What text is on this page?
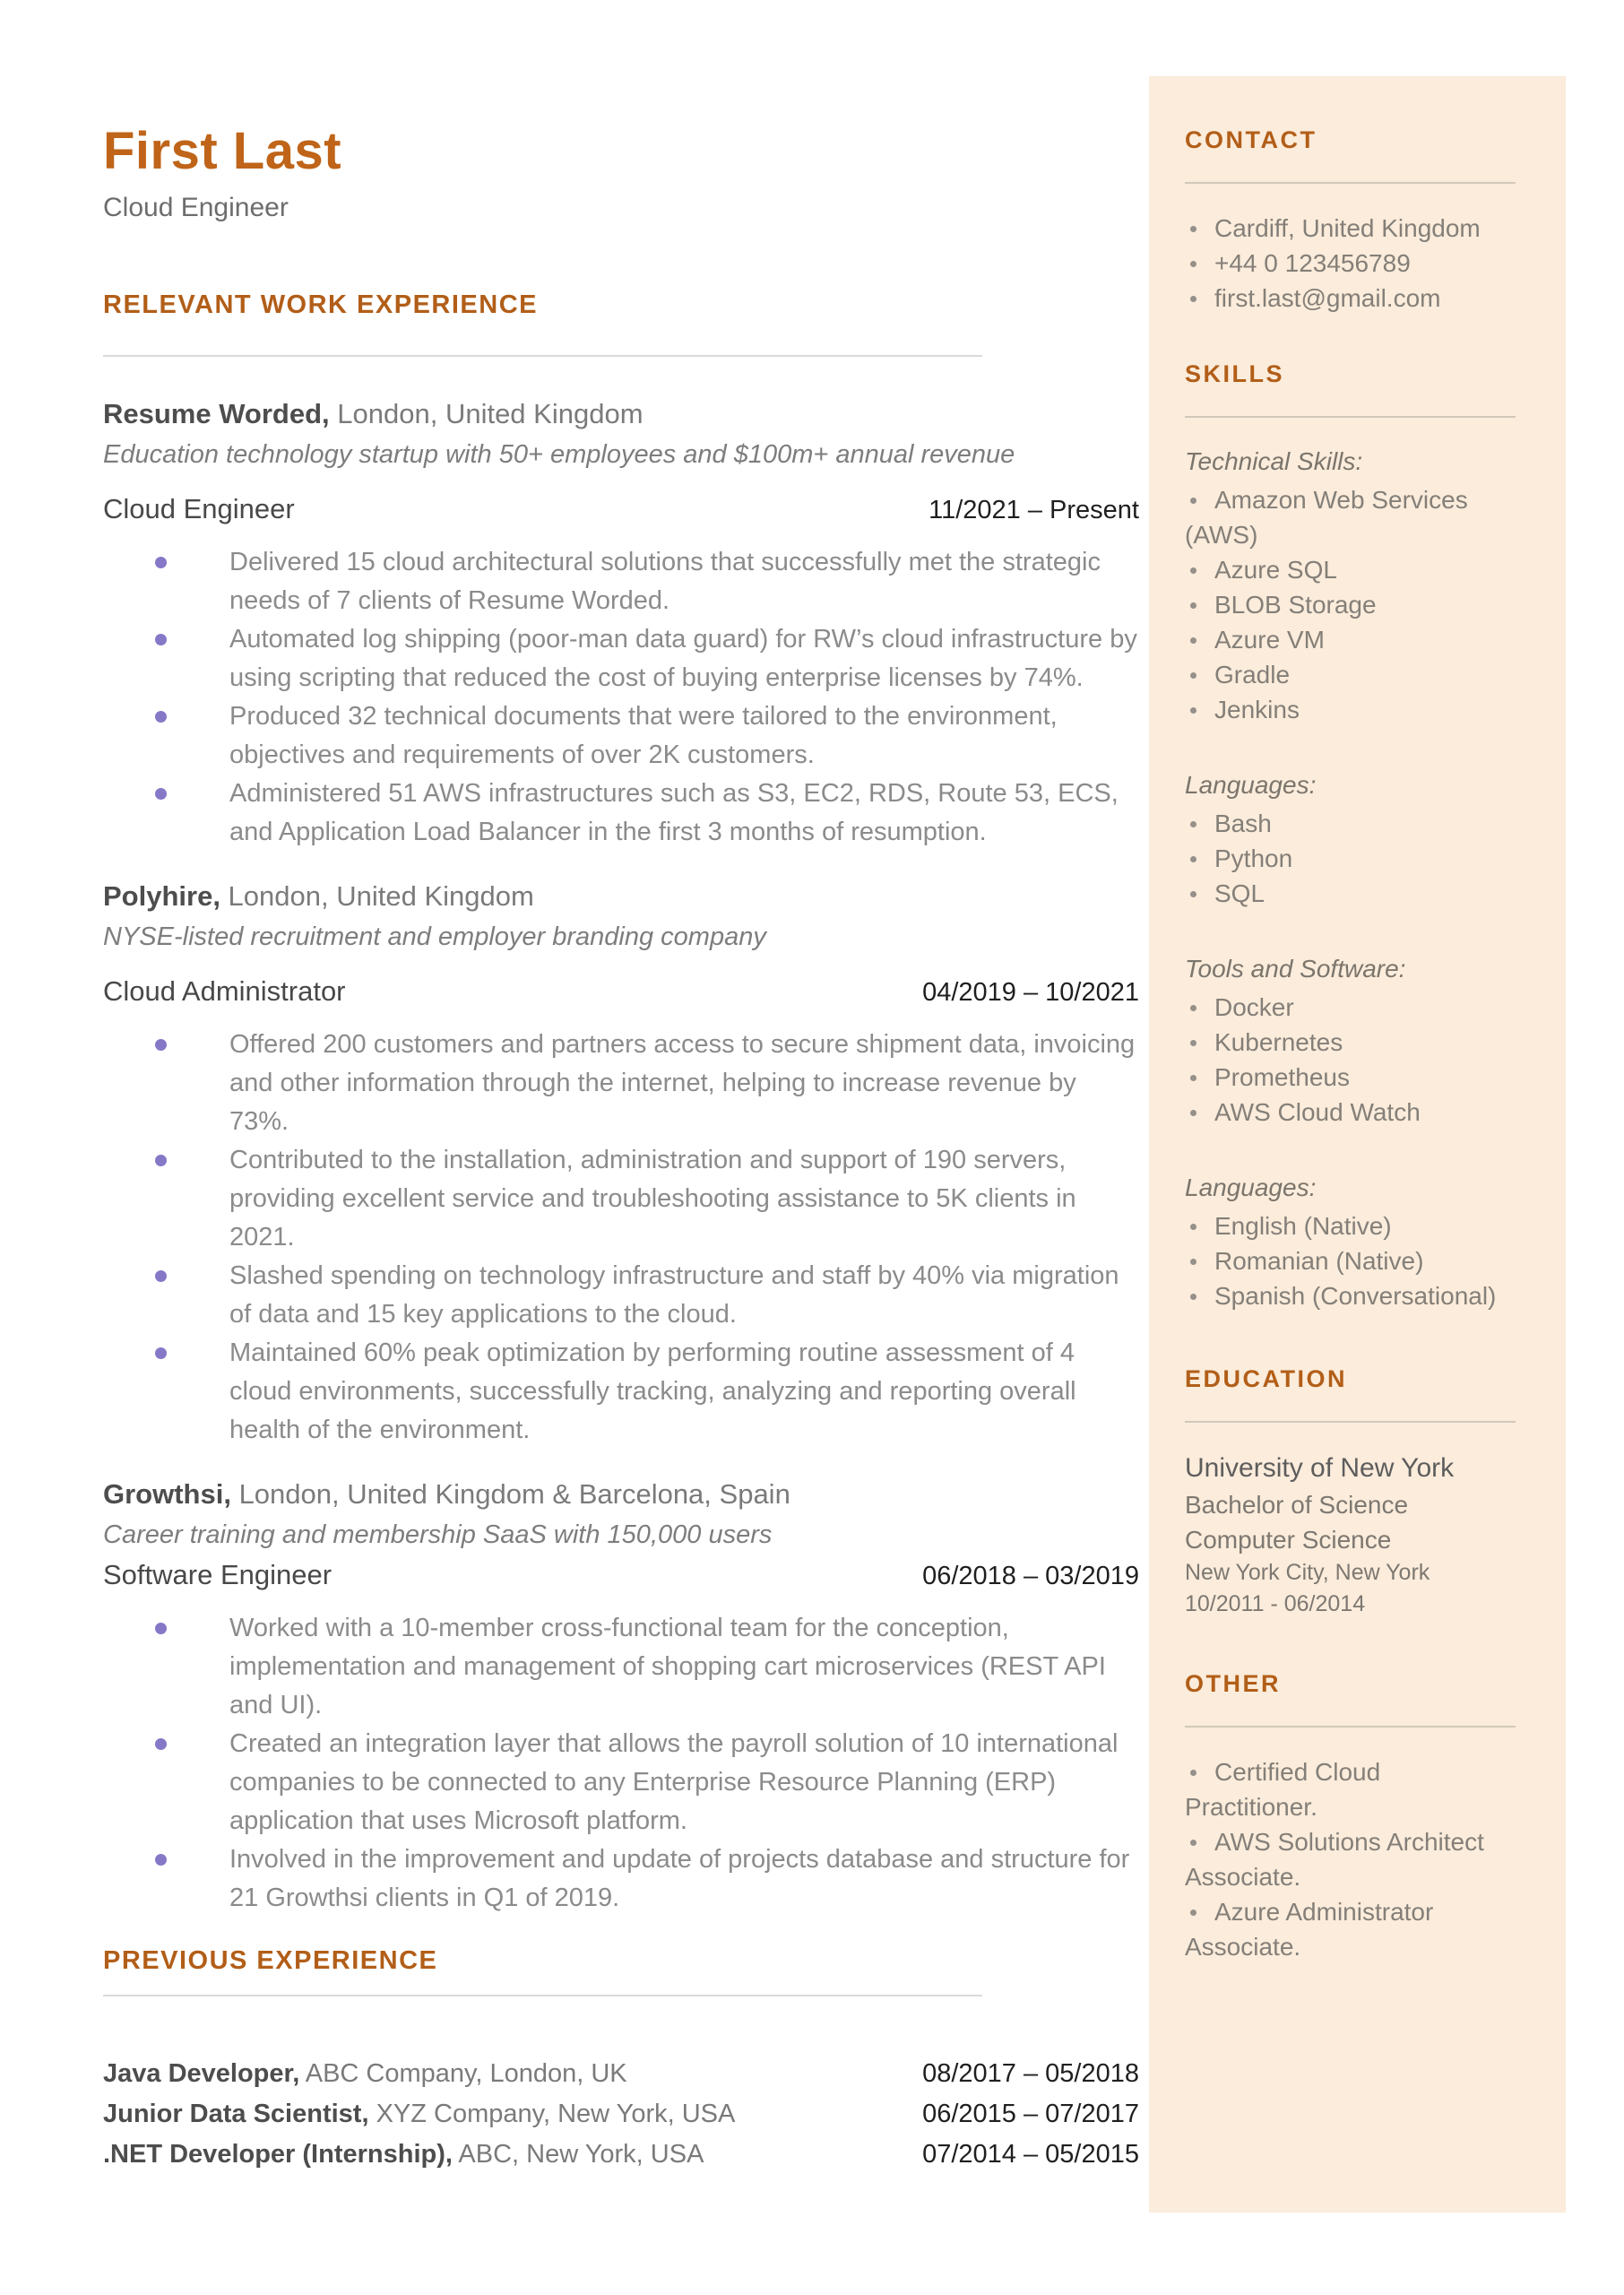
First Last
Cloud Engineer
RELEVANT WORK EXPERIENCE
Resume Worded, London, United Kingdom
Education technology startup with 50+ employees and $100m+ annual revenue
Cloud Engineer	11/2021 – Present
Delivered 15 cloud architectural solutions that successfully met the strategic needs of 7 clients of Resume Worded.
Automated log shipping (poor-man data guard) for RW’s cloud infrastructure by using scripting that reduced the cost of buying enterprise licenses by 74%.
Produced 32 technical documents that were tailored to the environment, objectives and requirements of over 2K customers.
Administered 51 AWS infrastructures such as S3, EC2, RDS, Route 53, ECS, and Application Load Balancer in the first 3 months of resumption.
Polyhire, London, United Kingdom
NYSE-listed recruitment and employer branding company
Cloud Administrator	04/2019 – 10/2021
Offered 200 customers and partners access to secure shipment data, invoicing and other information through the internet, helping to increase revenue by 73%.
Contributed to the installation, administration and support of 190 servers, providing excellent service and troubleshooting assistance to 5K clients in 2021.
Slashed spending on technology infrastructure and staff by 40% via migration of data and 15 key applications to the cloud.
Maintained 60% peak optimization by performing routine assessment of 4 cloud environments, successfully tracking, analyzing and reporting overall health of the environment.
Growthsi, London, United Kingdom & Barcelona, Spain
Career training and membership SaaS with 150,000 users
Software Engineer	06/2018 – 03/2019
Worked with a 10-member cross-functional team for the conception, implementation and management of shopping cart microservices (REST API and UI).
Created an integration layer that allows the payroll solution of 10 international companies to be connected to any Enterprise Resource Planning (ERP) application that uses Microsoft platform.
Involved in the improvement and update of projects database and structure for 21 Growthsi clients in Q1 of 2019.
PREVIOUS EXPERIENCE
Java Developer, ABC Company, London, UK	08/2017 – 05/2018
Junior Data Scientist, XYZ Company, New York, USA	06/2015 – 07/2017
.NET Developer (Internship), ABC, New York, USA	07/2014 – 05/2015
CONTACT
Cardiff, United Kingdom
+44 0 123456789
first.last@gmail.com
SKILLS
Technical Skills:
Amazon Web Services (AWS)
Azure SQL
BLOB Storage
Azure VM
Gradle
Jenkins
Languages:
Bash
Python
SQL
Tools and Software:
Docker
Kubernetes
Prometheus
AWS Cloud Watch
Languages:
English (Native)
Romanian (Native)
Spanish (Conversational)
EDUCATION
University of New York
Bachelor of Science
Computer Science
New York City, New York
10/2011 - 06/2014
OTHER
Certified Cloud Practitioner.
AWS Solutions Architect Associate.
Azure Administrator Associate.
